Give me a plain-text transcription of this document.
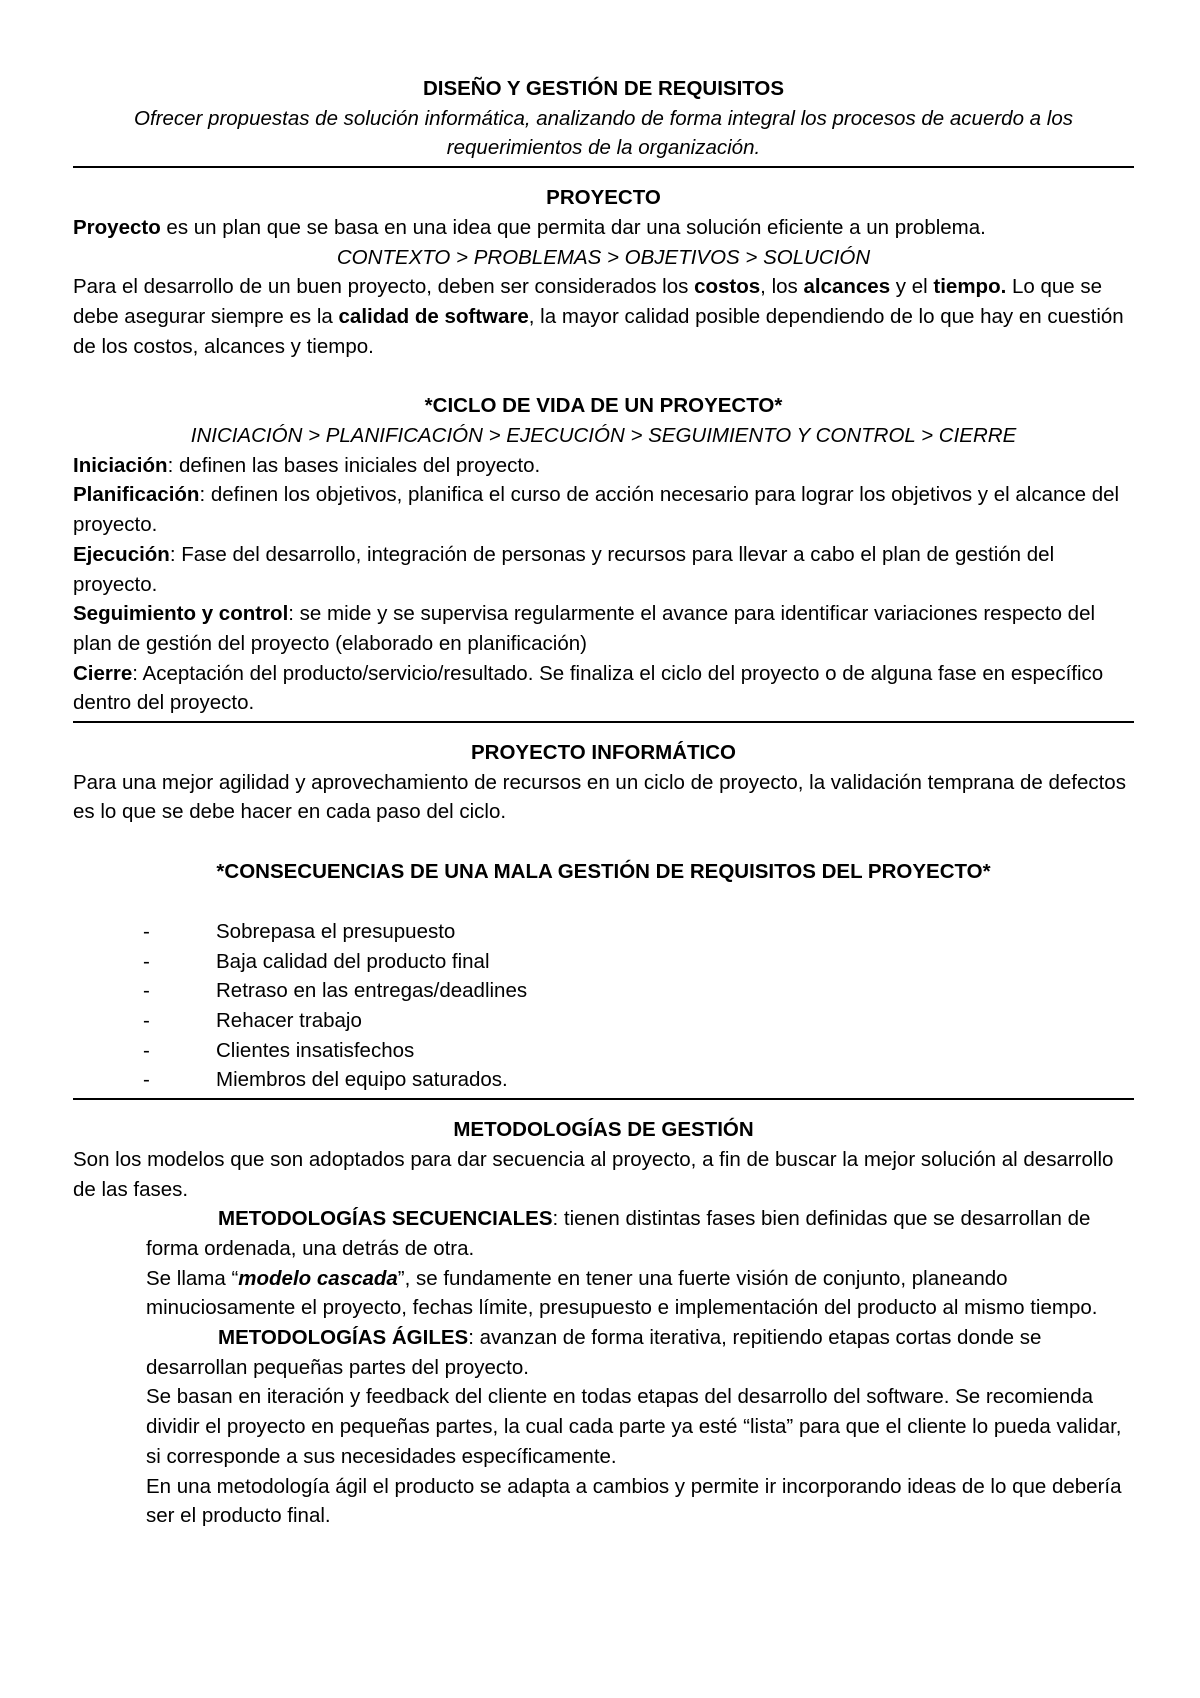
DISEÑO Y GESTIÓN DE REQUISITOS

Ofrecer propuestas de solución informática, analizando de forma integral los procesos de acuerdo a los requerimientos de la organización.

PROYECTO

Proyecto es un plan que se basa en una idea que permita dar una solución eficiente a un problema.

CONTEXTO > PROBLEMAS > OBJETIVOS > SOLUCIÓN

Para el desarrollo de un buen proyecto, deben ser considerados los costos, los alcances y el tiempo. Lo que se debe asegurar siempre es la calidad de software, la mayor calidad posible dependiendo de lo que hay en cuestión de los costos, alcances y tiempo.

*CICLO DE VIDA DE UN PROYECTO*

INICIACIÓN > PLANIFICACIÓN > EJECUCIÓN > SEGUIMIENTO Y CONTROL > CIERRE

Iniciación: definen las bases iniciales del proyecto.

Planificación: definen los objetivos, planifica el curso de acción necesario para lograr los objetivos y el alcance del proyecto.

Ejecución: Fase del desarrollo, integración de personas y recursos para llevar a cabo el plan de gestión del proyecto.

Seguimiento y control: se mide y se supervisa regularmente el avance para identificar variaciones respecto del plan de gestión del proyecto (elaborado en planificación)

Cierre: Aceptación del producto/servicio/resultado. Se finaliza el ciclo del proyecto o de alguna fase en específico dentro del proyecto.

PROYECTO INFORMÁTICO

Para una mejor agilidad y aprovechamiento de recursos en un ciclo de proyecto, la validación temprana de defectos es lo que se debe hacer en cada paso del ciclo.

*CONSECUENCIAS DE UNA MALA GESTIÓN DE REQUISITOS DEL PROYECTO*

-	Sobrepasa el presupuesto
-	Baja calidad del producto final
-	Retraso en las entregas/deadlines
-	Rehacer trabajo
-	Clientes insatisfechos
-	Miembros del equipo saturados.

METODOLOGÍAS DE GESTIÓN

Son los modelos que son adoptados para dar secuencia al proyecto, a fin de buscar la mejor solución al desarrollo de las fases.

METODOLOGÍAS SECUENCIALES: tienen distintas fases bien definidas que se desarrollan de forma ordenada, una detrás de otra.

Se llama “modelo cascada”, se fundamente en tener una fuerte visión de conjunto, planeando minuciosamente el proyecto, fechas límite, presupuesto e implementación del producto al mismo tiempo.

METODOLOGÍAS ÁGILES: avanzan de forma iterativa, repitiendo etapas cortas donde se desarrollan pequeñas partes del proyecto.

Se basan en iteración y feedback del cliente en todas etapas del desarrollo del software. Se recomienda dividir el proyecto en pequeñas partes, la cual cada parte ya esté “lista” para que el cliente lo pueda validar, si corresponde a sus necesidades específicamente.

En una metodología ágil el producto se adapta a cambios y permite ir incorporando ideas de lo que debería ser el producto final.
